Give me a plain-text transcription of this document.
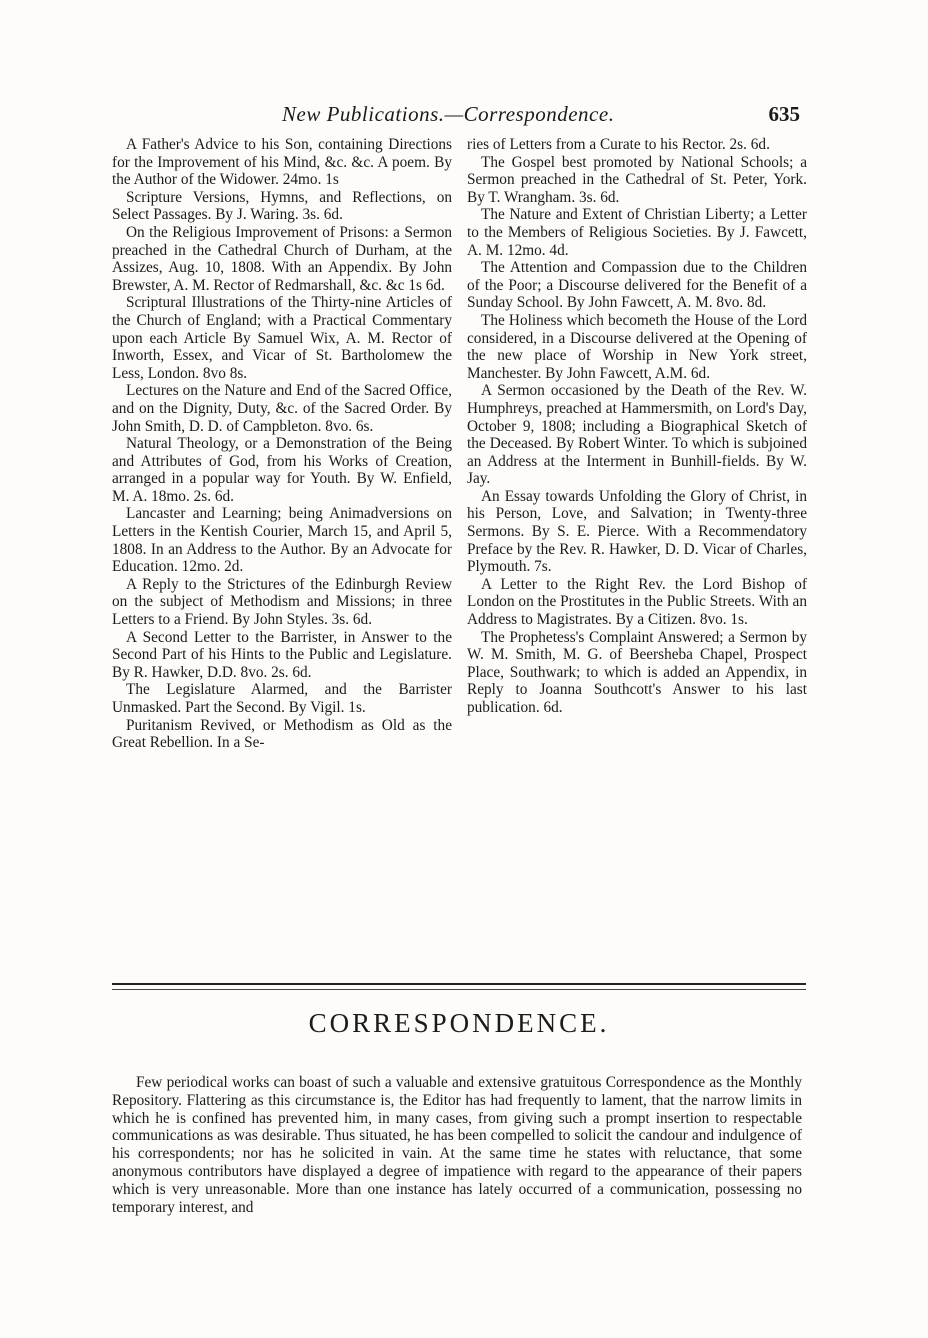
New Publications.—Correspondence.	635

A Father's Advice to his Son, containing Directions for the Improvement of his Mind, &c. &c. A poem. By the Author of the Widower. 24mo. 1s

Scripture Versions, Hymns, and Reflections, on Select Passages. By J. Waring. 3s. 6d.

On the Religious Improvement of Prisons: a Sermon preached in the Cathedral Church of Durham, at the Assizes, Aug. 10, 1808. With an Appendix. By John Brewster, A. M. Rector of Redmarshall, &c. &c 1s 6d.

Scriptural Illustrations of the Thirty-nine Articles of the Church of England; with a Practical Commentary upon each Article By Samuel Wix, A. M. Rector of Inworth, Essex, and Vicar of St. Bartholomew the Less, London. 8vo 8s.

Lectures on the Nature and End of the Sacred Office, and on the Dignity, Duty, &c. of the Sacred Order. By John Smith, D. D. of Campbleton. 8vo. 6s.

Natural Theology, or a Demonstration of the Being and Attributes of God, from his Works of Creation, arranged in a popular way for Youth. By W. Enfield, M. A. 18mo. 2s. 6d.

Lancaster and Learning; being Animadversions on Letters in the Kentish Courier, March 15, and April 5, 1808. In an Address to the Author. By an Advocate for Education. 12mo. 2d.

A Reply to the Strictures of the Edinburgh Review on the subject of Methodism and Missions; in three Letters to a Friend. By John Styles. 3s. 6d.

A Second Letter to the Barrister, in Answer to the Second Part of his Hints to the Public and Legislature. By R. Hawker, D.D. 8vo. 2s. 6d.

The Legislature Alarmed, and the Barrister Unmasked. Part the Second. By Vigil. 1s.

Puritanism Revived, or Methodism as Old as the Great Rebellion. In a Se-

ries of Letters from a Curate to his Rector. 2s. 6d.

The Gospel best promoted by National Schools; a Sermon preached in the Cathedral of St. Peter, York. By T. Wrangham. 3s. 6d.

The Nature and Extent of Christian Liberty; a Letter to the Members of Religious Societies. By J. Fawcett, A. M. 12mo. 4d.

The Attention and Compassion due to the Children of the Poor; a Discourse delivered for the Benefit of a Sunday School. By John Fawcett, A. M. 8vo. 8d.

The Holiness which becometh the House of the Lord considered, in a Discourse delivered at the Opening of the new place of Worship in New York street, Manchester. By John Fawcett, A.M. 6d.

A Sermon occasioned by the Death of the Rev. W. Humphreys, preached at Hammersmith, on Lord's Day, October 9, 1808; including a Biographical Sketch of the Deceased. By Robert Winter. To which is subjoined an Address at the Interment in Bunhill-fields. By W. Jay.

An Essay towards Unfolding the Glory of Christ, in his Person, Love, and Salvation; in Twenty-three Sermons. By S. E. Pierce. With a Recommendatory Preface by the Rev. R. Hawker, D. D. Vicar of Charles, Plymouth. 7s.

A Letter to the Right Rev. the Lord Bishop of London on the Prostitutes in the Public Streets. With an Address to Magistrates. By a Citizen. 8vo. 1s.

The Prophetess's Complaint Answered; a Sermon by W. M. Smith, M. G. of Beersheba Chapel, Prospect Place, Southwark; to which is added an Appendix, in Reply to Joanna Southcott's Answer to his last publication. 6d.

CORRESPONDENCE.

Few periodical works can boast of such a valuable and extensive gratuitous Correspondence as the Monthly Repository. Flattering as this circumstance is, the Editor has had frequently to lament, that the narrow limits in which he is confined has prevented him, in many cases, from giving such a prompt insertion to respectable communications as was desirable. Thus situated, he has been compelled to solicit the candour and indulgence of his correspondents; nor has he solicited in vain. At the same time he states with reluctance, that some anonymous contributors have displayed a degree of impatience with regard to the appearance of their papers which is very unreasonable. More than one instance has lately occurred of a communication, possessing no temporary interest, and
